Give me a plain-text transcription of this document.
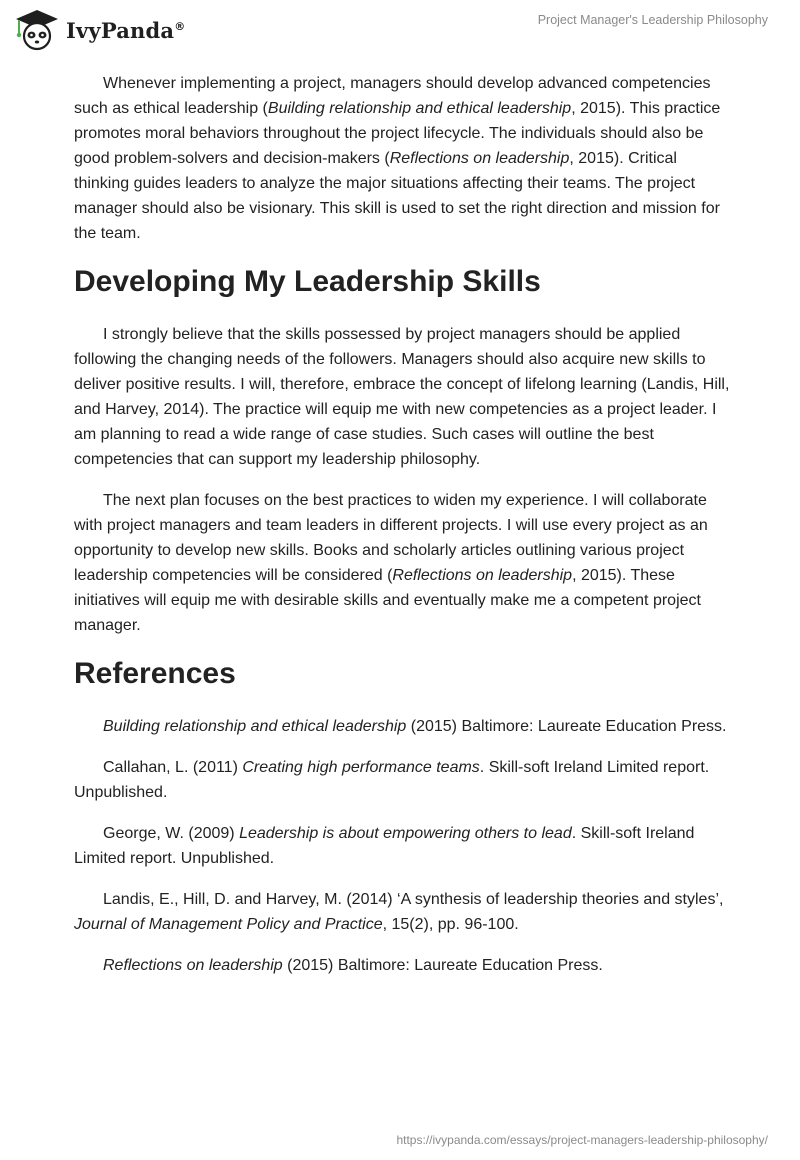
IvyPanda®	Project Manager's Leadership Philosophy

Whenever implementing a project, managers should develop advanced competencies such as ethical leadership (Building relationship and ethical leadership, 2015). This practice promotes moral behaviors throughout the project lifecycle. The individuals should also be good problem-solvers and decision-makers (Reflections on leadership, 2015). Critical thinking guides leaders to analyze the major situations affecting their teams. The project manager should also be visionary. This skill is used to set the right direction and mission for the team.

Developing My Leadership Skills

I strongly believe that the skills possessed by project managers should be applied following the changing needs of the followers. Managers should also acquire new skills to deliver positive results. I will, therefore, embrace the concept of lifelong learning (Landis, Hill, and Harvey, 2014). The practice will equip me with new competencies as a project leader. I am planning to read a wide range of case studies. Such cases will outline the best competencies that can support my leadership philosophy.

The next plan focuses on the best practices to widen my experience. I will collaborate with project managers and team leaders in different projects. I will use every project as an opportunity to develop new skills. Books and scholarly articles outlining various project leadership competencies will be considered (Reflections on leadership, 2015). These initiatives will equip me with desirable skills and eventually make me a competent project manager.

References

Building relationship and ethical leadership (2015) Baltimore: Laureate Education Press.

Callahan, L. (2011) Creating high performance teams. Skill-soft Ireland Limited report. Unpublished.

George, W. (2009) Leadership is about empowering others to lead. Skill-soft Ireland Limited report. Unpublished.

Landis, E., Hill, D. and Harvey, M. (2014) ‘A synthesis of leadership theories and styles’, Journal of Management Policy and Practice, 15(2), pp. 96-100.

Reflections on leadership (2015) Baltimore: Laureate Education Press.

https://ivypanda.com/essays/project-managers-leadership-philosophy/
